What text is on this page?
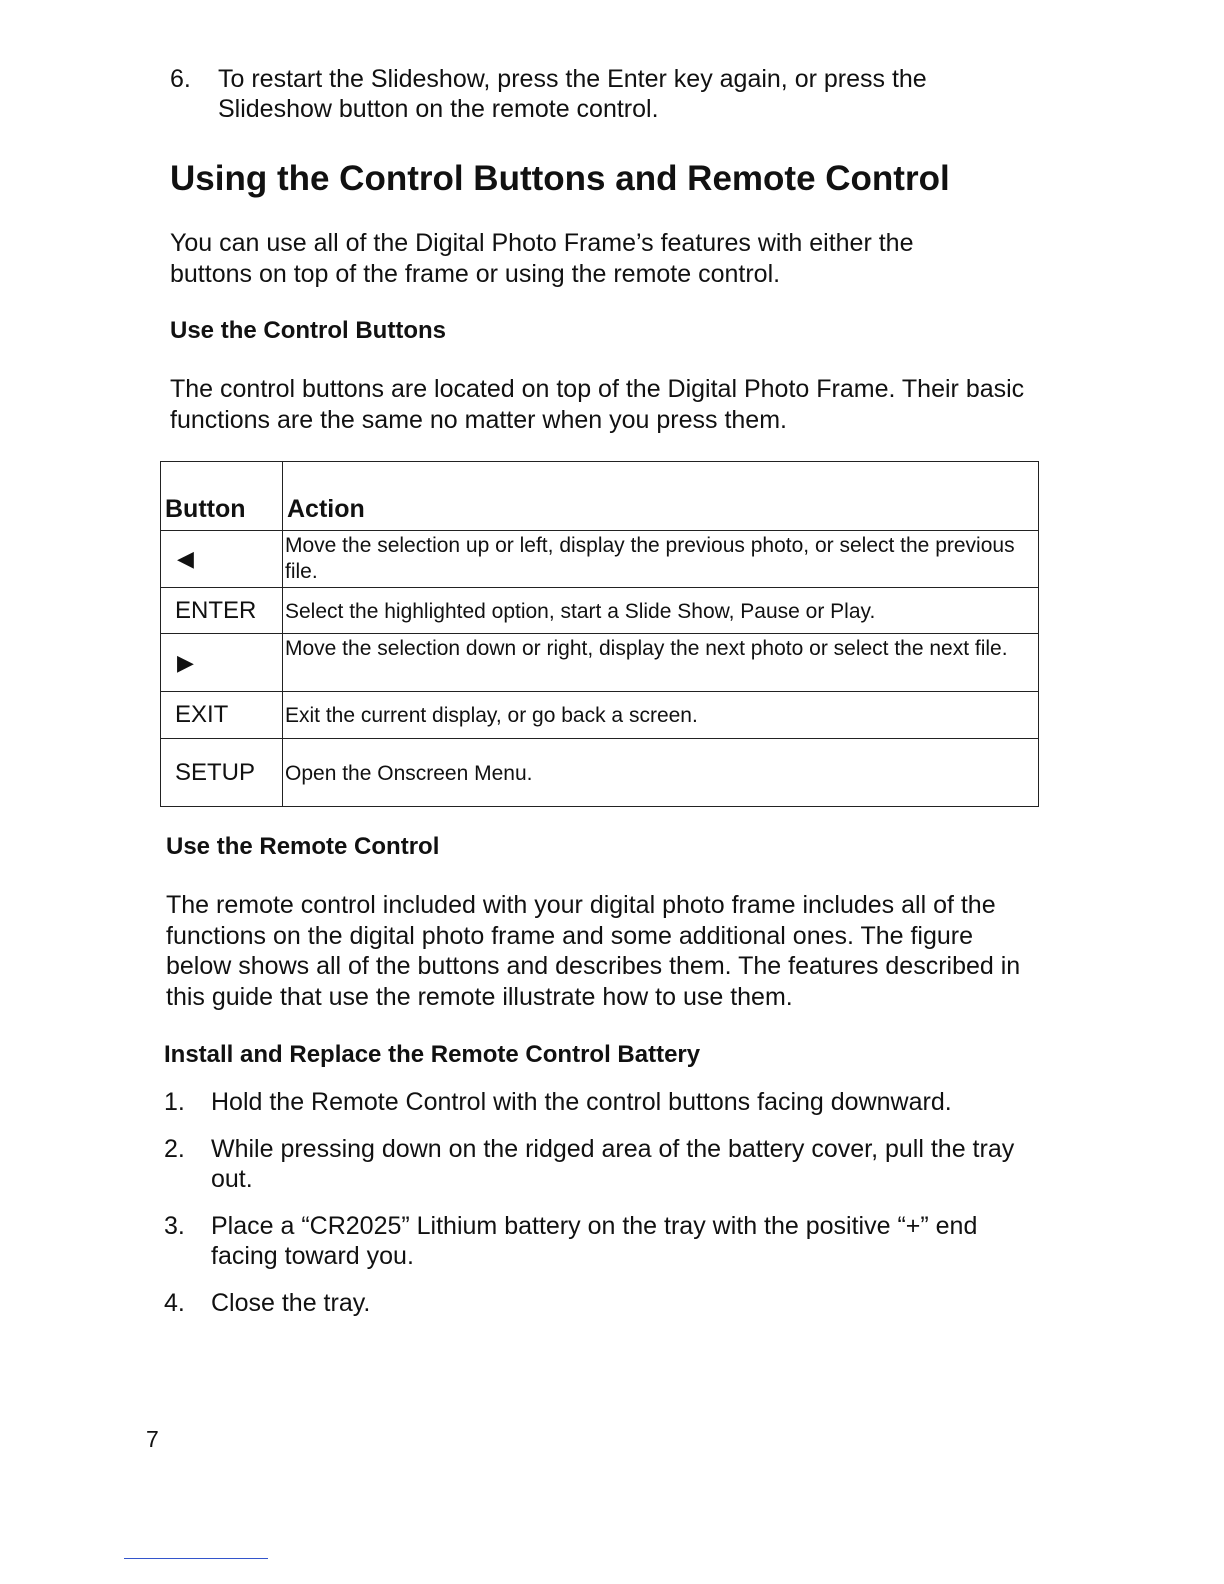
6. To restart the Slideshow, press the Enter key again, or press the Slideshow button on the remote control.
Using the Control Buttons and Remote Control
You can use all of the Digital Photo Frame’s features with either the buttons on top of the frame or using the remote control.
Use the Control Buttons
The control buttons are located on top of the Digital Photo Frame. Their basic functions are the same no matter when you press them.
Button	Action
◀	Move the selection up or left, display the previous photo, or select the previous file.
ENTER	Select the highlighted option, start a Slide Show, Pause or Play.
▶	Move the selection down or right, display the next photo or select the next file.
EXIT	Exit the current display, or go back a screen.
SETUP	Open the Onscreen Menu.
Use the Remote Control
The remote control included with your digital photo frame includes all of the functions on the digital photo frame and some additional ones. The figure below shows all of the buttons and describes them. The features described in this guide that use the remote illustrate how to use them.
Install and Replace the Remote Control Battery
1. Hold the Remote Control with the control buttons facing downward.
2. While pressing down on the ridged area of the battery cover, pull the tray out.
3. Place a “CR2025” Lithium battery on the tray with the positive “+” end facing toward you.
4. Close the tray.
7
